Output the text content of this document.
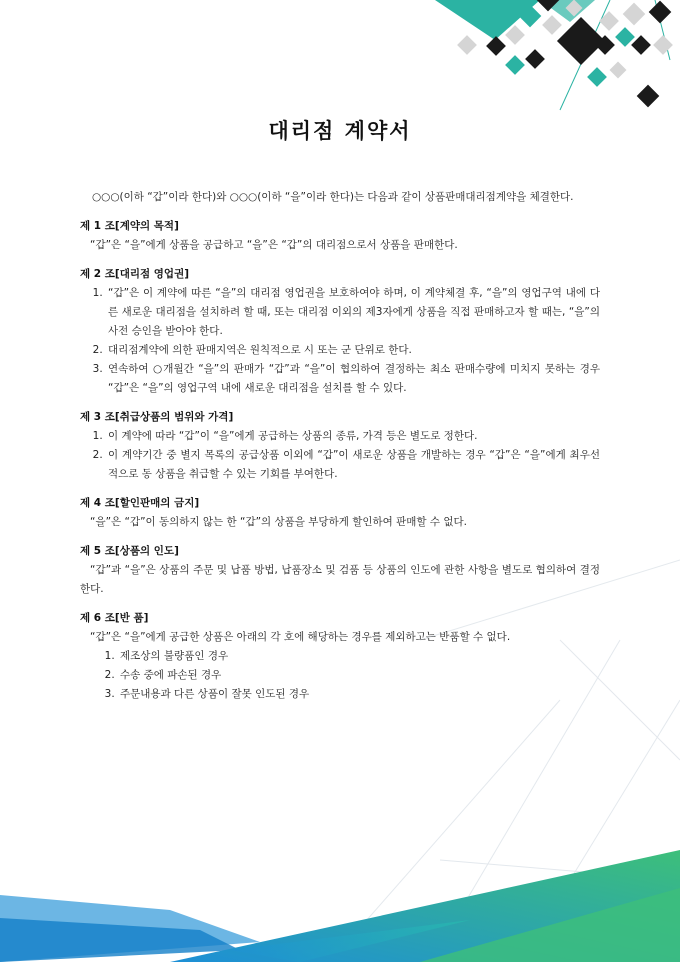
대리점 계약서

○○○(이하 “갑”이라 한다)와 ○○○(이하 “을”이라 한다)는 다음과 같이 상품판매대리점계약을 체결한다.

제 1 조[계약의 목적]

“갑”은 “을”에게 상품을 공급하고 “을”은 “갑”의 대리점으로서 상품을 판매한다.

제 2 조[대리점 영업권]

1. “갑”은 이 계약에 따른 “을”의 대리점 영업권을 보호하여야 하며, 이 계약체결 후, “을”의 영업구역 내에 다른 새로운 대리점을 설치하려 할 때, 또는 대리점 이외의 제3자에게 상품을 직접 판매하고자 할 때는, “을”의 사전 승인을 받아야 한다.
2. 대리점계약에 의한 판매지역은 원칙적으로 시 또는 군 단위로 한다.
3. 연속하여 ○개월간 “을”의 판매가 “갑”과 “을”이 협의하여 결정하는 최소 판매수량에 미치지 못하는 경우 “갑”은 “을”의 영업구역 내에 새로운 대리점을 설치를 할 수 있다.

제 3 조[취급상품의 범위와 가격]

1. 이 계약에 따라 “갑”이 “을”에게 공급하는 상품의 종류, 가격 등은 별도로 정한다.
2. 이 계약기간 중 별지 목록의 공급상품 이외에 “갑”이 새로운 상품을 개발하는 경우 “갑”은 “을”에게 최우선적으로 동 상품을 취급할 수 있는 기회를 부여한다.

제 4 조[할인판매의 금지]

“을”은 “갑”이 동의하지 않는 한 “갑”의 상품을 부당하게 할인하여 판매할 수 없다.

제 5 조[상품의 인도]

“갑”과 “을”은 상품의 주문 및 납품 방법, 납품장소 및 검품 등 상품의 인도에 관한 사항을 별도로 협의하여 결정한다.

제 6 조[반 품]

“갑”은 “을”에게 공급한 상품은 아래의 각 호에 해당하는 경우를 제외하고는 반품할 수 없다.

1. 제조상의 불량품인 경우
2. 수송 중에 파손된 경우
3. 주문내용과 다른 상품이 잘못 인도된 경우
